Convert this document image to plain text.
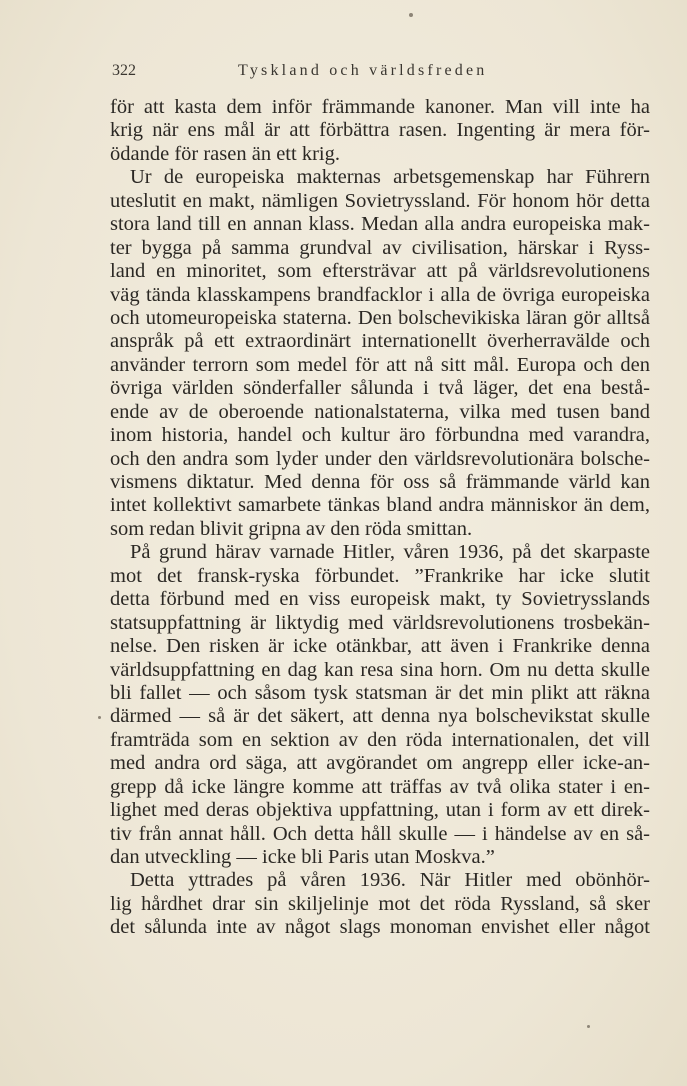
322	Tyskland och världsfreden
för att kasta dem inför främmande kanoner. Man vill inte ha
krig när ens mål är att förbättra rasen. Ingenting är mera för-
ödande för rasen än ett krig.
Ur de europeiska makternas arbetsgemenskap har Führern
uteslutit en makt, nämligen Sovietryssland. För honom hör detta
stora land till en annan klass. Medan alla andra europeiska mak-
ter bygga på samma grundval av civilisation, härskar i Ryss-
land en minoritet, som eftersträvar att på världsrevolutionens
väg tända klasskampens brandfacklor i alla de övriga europeiska
och utomeuropeiska staterna. Den bolschevikiska läran gör alltså
anspråk på ett extraordinärt internationellt överherravälde och
använder terrorn som medel för att nå sitt mål. Europa och den
övriga världen sönderfaller sålunda i två läger, det ena bestå-
ende av de oberoende nationalstaterna, vilka med tusen band
inom historia, handel och kultur äro förbundna med varandra,
och den andra som lyder under den världsrevolutionära bolsche-
vismens diktatur. Med denna för oss så främmande värld kan
intet kollektivt samarbete tänkas bland andra människor än dem,
som redan blivit gripna av den röda smittan.
På grund härav varnade Hitler, våren 1936, på det skarpaste
mot det fransk-ryska förbundet. ”Frankrike har icke slutit
detta förbund med en viss europeisk makt, ty Sovietrysslands
statsuppfattning är liktydig med världsrevolutionens trosbekän-
nelse. Den risken är icke otänkbar, att även i Frankrike denna
världsuppfattning en dag kan resa sina horn. Om nu detta skulle
bli fallet — och såsom tysk statsman är det min plikt att räkna
därmed — så är det säkert, att denna nya bolschevikstat skulle
framträda som en sektion av den röda internationalen, det vill
med andra ord säga, att avgörandet om angrepp eller icke-an-
grepp då icke längre komme att träffas av två olika stater i en-
lighet med deras objektiva uppfattning, utan i form av ett direk-
tiv från annat håll. Och detta håll skulle — i händelse av en så-
dan utveckling — icke bli Paris utan Moskva.”
Detta yttrades på våren 1936. När Hitler med obönhör-
lig hårdhet drar sin skiljelinje mot det röda Ryssland, så sker
det sålunda inte av något slags monoman envishet eller något
